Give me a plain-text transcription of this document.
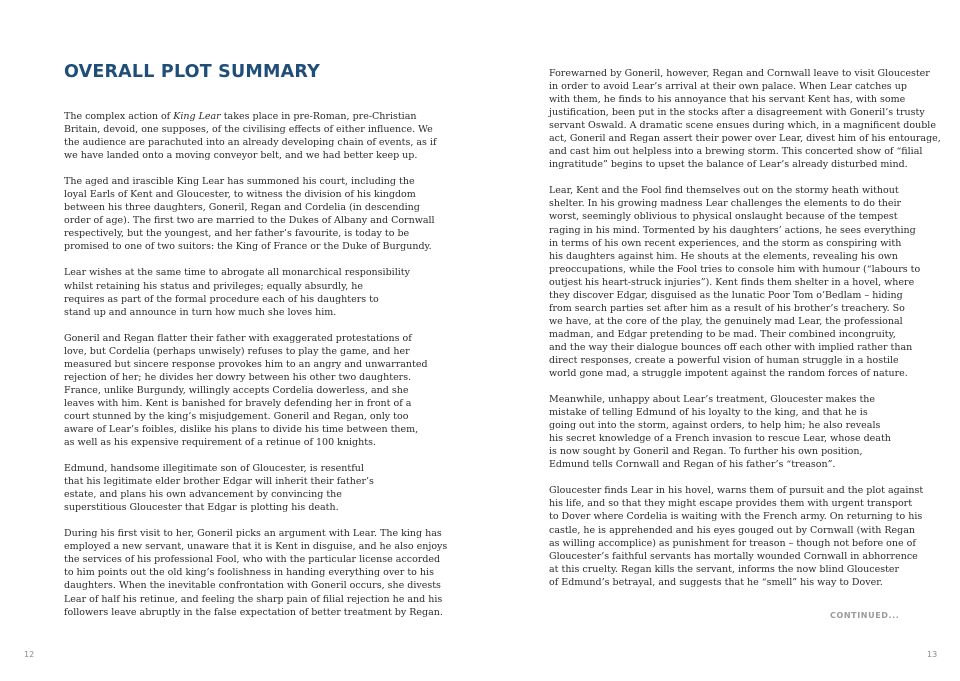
OVERALL PLOT SUMMARY

The complex action of King Lear takes place in pre-Roman, pre-Christian
Britain, devoid, one supposes, of the civilising effects of either influence. We
the audience are parachuted into an already developing chain of events, as if
we have landed onto a moving conveyor belt, and we had better keep up.

The aged and irascible King Lear has summoned his court, including the
loyal Earls of Kent and Gloucester, to witness the division of his kingdom
between his three daughters, Goneril, Regan and Cordelia (in descending
order of age). The first two are married to the Dukes of Albany and Cornwall
respectively, but the youngest, and her father’s favourite, is today to be
promised to one of two suitors: the King of France or the Duke of Burgundy.

Lear wishes at the same time to abrogate all monarchical responsibility
whilst retaining his status and privileges; equally absurdly, he
requires as part of the formal procedure each of his daughters to
stand up and announce in turn how much she loves him.

Goneril and Regan flatter their father with exaggerated protestations of
love, but Cordelia (perhaps unwisely) refuses to play the game, and her
measured but sincere response provokes him to an angry and unwarranted
rejection of her; he divides her dowry between his other two daughters.
France, unlike Burgundy, willingly accepts Cordelia dowerless, and she
leaves with him. Kent is banished for bravely defending her in front of a
court stunned by the king’s misjudgement. Goneril and Regan, only too
aware of Lear’s foibles, dislike his plans to divide his time between them,
as well as his expensive requirement of a retinue of 100 knights.

Edmund, handsome illegitimate son of Gloucester, is resentful
that his legitimate elder brother Edgar will inherit their father’s
estate, and plans his own advancement by convincing the
superstitious Gloucester that Edgar is plotting his death.

During his first visit to her, Goneril picks an argument with Lear. The king has
employed a new servant, unaware that it is Kent in disguise, and he also enjoys
the services of his professional Fool, who with the particular license accorded
to him points out the old king’s foolishness in handing everything over to his
daughters. When the inevitable confrontation with Goneril occurs, she divests
Lear of half his retinue, and feeling the sharp pain of filial rejection he and his
followers leave abruptly in the false expectation of better treatment by Regan.

12

Forewarned by Goneril, however, Regan and Cornwall leave to visit Gloucester
in order to avoid Lear’s arrival at their own palace. When Lear catches up
with them, he finds to his annoyance that his servant Kent has, with some
justification, been put in the stocks after a disagreement with Goneril’s trusty
servant Oswald. A dramatic scene ensues during which, in a magnificent double
act, Goneril and Regan assert their power over Lear, divest him of his entourage,
and cast him out helpless into a brewing storm. This concerted show of “filial
ingratitude” begins to upset the balance of Lear’s already disturbed mind.

Lear, Kent and the Fool find themselves out on the stormy heath without
shelter. In his growing madness Lear challenges the elements to do their
worst, seemingly oblivious to physical onslaught because of the tempest
raging in his mind. Tormented by his daughters’ actions, he sees everything
in terms of his own recent experiences, and the storm as conspiring with
his daughters against him. He shouts at the elements, revealing his own
preoccupations, while the Fool tries to console him with humour (“labours to
outjest his heart-struck injuries”). Kent finds them shelter in a hovel, where
they discover Edgar, disguised as the lunatic Poor Tom o’Bedlam – hiding
from search parties set after him as a result of his brother’s treachery. So
we have, at the core of the play, the genuinely mad Lear, the professional
madman, and Edgar pretending to be mad. Their combined incongruity,
and the way their dialogue bounces off each other with implied rather than
direct responses, create a powerful vision of human struggle in a hostile
world gone mad, a struggle impotent against the random forces of nature.

Meanwhile, unhappy about Lear’s treatment, Gloucester makes the
mistake of telling Edmund of his loyalty to the king, and that he is
going out into the storm, against orders, to help him; he also reveals
his secret knowledge of a French invasion to rescue Lear, whose death
is now sought by Goneril and Regan. To further his own position,
Edmund tells Cornwall and Regan of his father’s “treason”.

Gloucester finds Lear in his hovel, warns them of pursuit and the plot against
his life, and so that they might escape provides them with urgent transport
to Dover where Cordelia is waiting with the French army. On returning to his
castle, he is apprehended and his eyes gouged out by Cornwall (with Regan
as willing accomplice) as punishment for treason – though not before one of
Gloucester’s faithful servants has mortally wounded Cornwall in abhorrence
at this cruelty. Regan kills the servant, informs the now blind Gloucester
of Edmund’s betrayal, and suggests that he “smell” his way to Dover.

CONTINUED...
13
